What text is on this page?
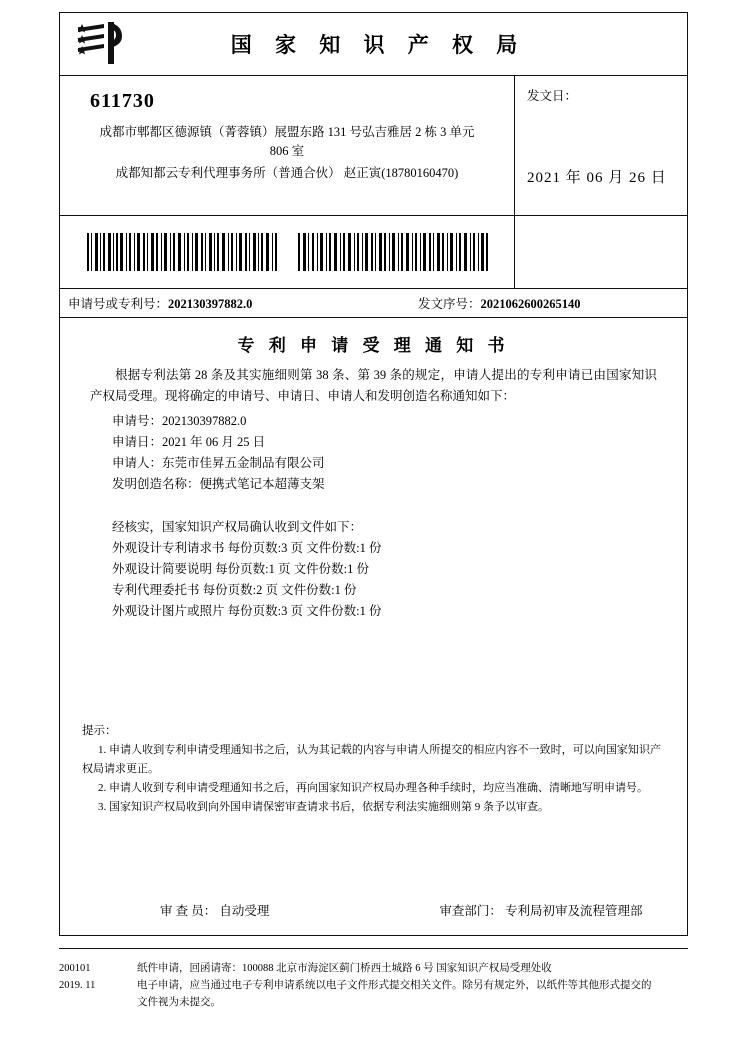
国 家 知 识 产 权 局
611730
成都市郫都区德源镇（菁蓉镇）展盟东路 131 号弘吉雅居 2 栋 3 单元
806 室
成都知都云专利代理事务所（普通合伙） 赵正寅(18780160470)
发文日：
2021 年 06 月 26 日
申请号或专利号：202130397882.0	发文序号：2021062600265140
专 利 申 请 受 理 通 知 书
根据专利法第 28 条及其实施细则第 38 条、第 39 条的规定，申请人提出的专利申请已由国家知识产权局受理。现将确定的申请号、申请日、申请人和发明创造名称通知如下：
申请号：202130397882.0
申请日：2021 年 06 月 25 日
申请人：东莞市佳昇五金制品有限公司
发明创造名称：便携式笔记本超薄支架
经核实，国家知识产权局确认收到文件如下：
外观设计专利请求书 每份页数:3 页 文件份数:1 份
外观设计简要说明 每份页数:1 页 文件份数:1 份
专利代理委托书 每份页数:2 页 文件份数:1 份
外观设计图片或照片 每份页数:3 页 文件份数:1 份
提示：
1. 申请人收到专利申请受理通知书之后，认为其记载的内容与申请人所提交的相应内容不一致时，可以向国家知识产权局请求更正。
2. 申请人收到专利申请受理通知书之后，再向国家知识产权局办理各种手续时，均应当准确、清晰地写明申请号。
3. 国家知识产权局收到向外国申请保密审查请求书后，依据专利法实施细则第 9 条予以审查。
审 查 员： 自动受理	审查部门： 专利局初审及流程管理部
200101
2019. 11
纸件申请，回函请寄：100088 北京市海淀区蓟门桥西土城路 6 号 国家知识产权局受理处收
电子申请，应当通过电子专利申请系统以电子文件形式提交相关文件。除另有规定外，以纸件等其他形式提交的
文件视为未提交。
